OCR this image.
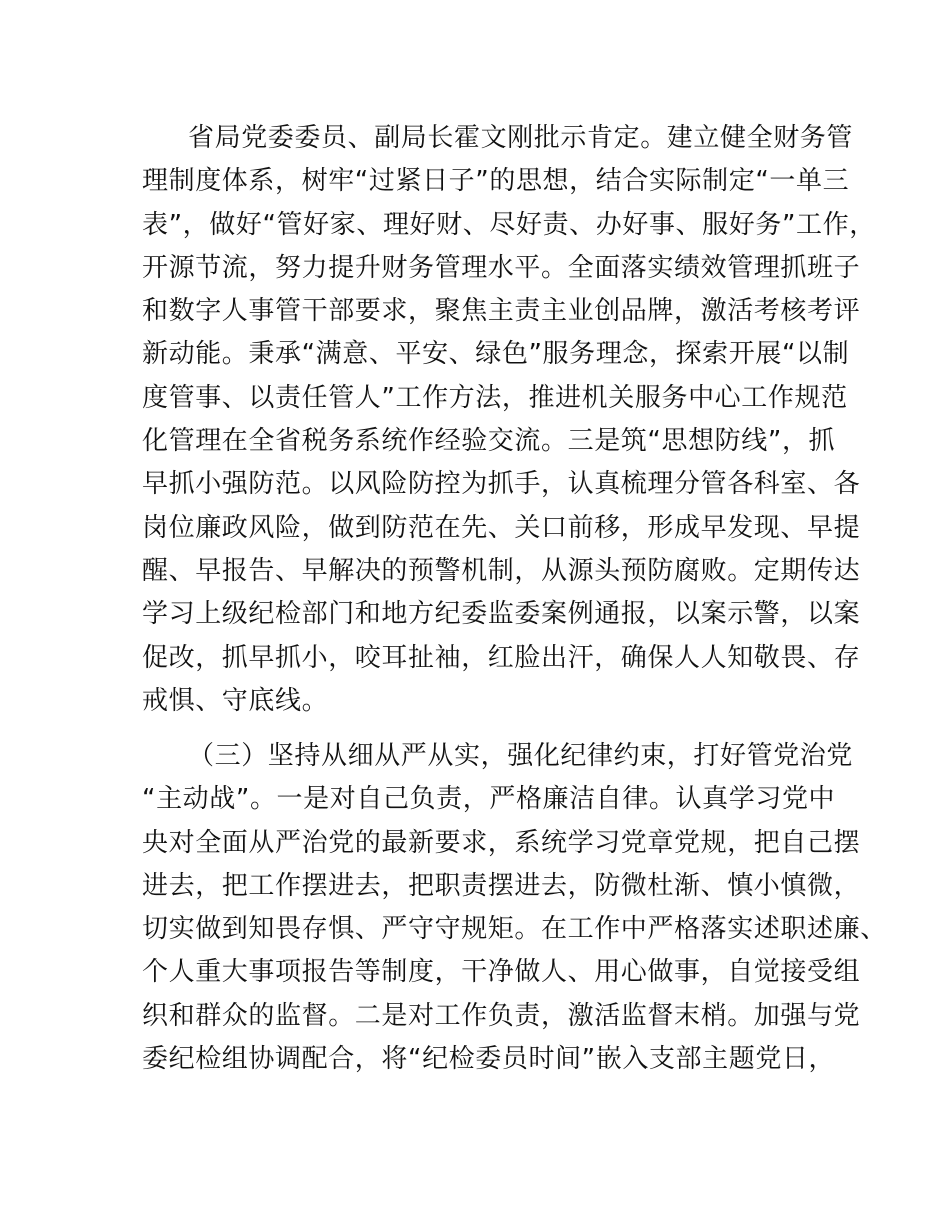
省局党委委员、副局长霍文刚批示肯定。建立健全财务管
理制度体系，树牢“过紧日子”的思想，结合实际制定“一单三
表”，做好“管好家、理好财、尽好责、办好事、服好务”工作，
开源节流，努力提升财务管理水平。全面落实绩效管理抓班子
和数字人事管干部要求，聚焦主责主业创品牌，激活考核考评
新动能。秉承“满意、平安、绿色”服务理念，探索开展“以制
度管事、以责任管人”工作方法，推进机关服务中心工作规范
化管理在全省税务系统作经验交流。三是筑“思想防线”，抓
早抓小强防范。以风险防控为抓手，认真梳理分管各科室、各
岗位廉政风险，做到防范在先、关口前移，形成早发现、早提
醒、早报告、早解决的预警机制，从源头预防腐败。定期传达
学习上级纪检部门和地方纪委监委案例通报，以案示警，以案
促改，抓早抓小，咬耳扯袖，红脸出汗，确保人人知敬畏、存
戒惧、守底线。
（三）坚持从细从严从实，强化纪律约束，打好管党治党
“主动战”。一是对自己负责，严格廉洁自律。认真学习党中
央对全面从严治党的最新要求，系统学习党章党规，把自己摆
进去，把工作摆进去，把职责摆进去，防微杜渐、慎小慎微，
切实做到知畏存惧、严守守规矩。在工作中严格落实述职述廉、
个人重大事项报告等制度，干净做人、用心做事，自觉接受组
织和群众的监督。二是对工作负责，激活监督末梢。加强与党
委纪检组协调配合，将“纪检委员时间”嵌入支部主题党日，
